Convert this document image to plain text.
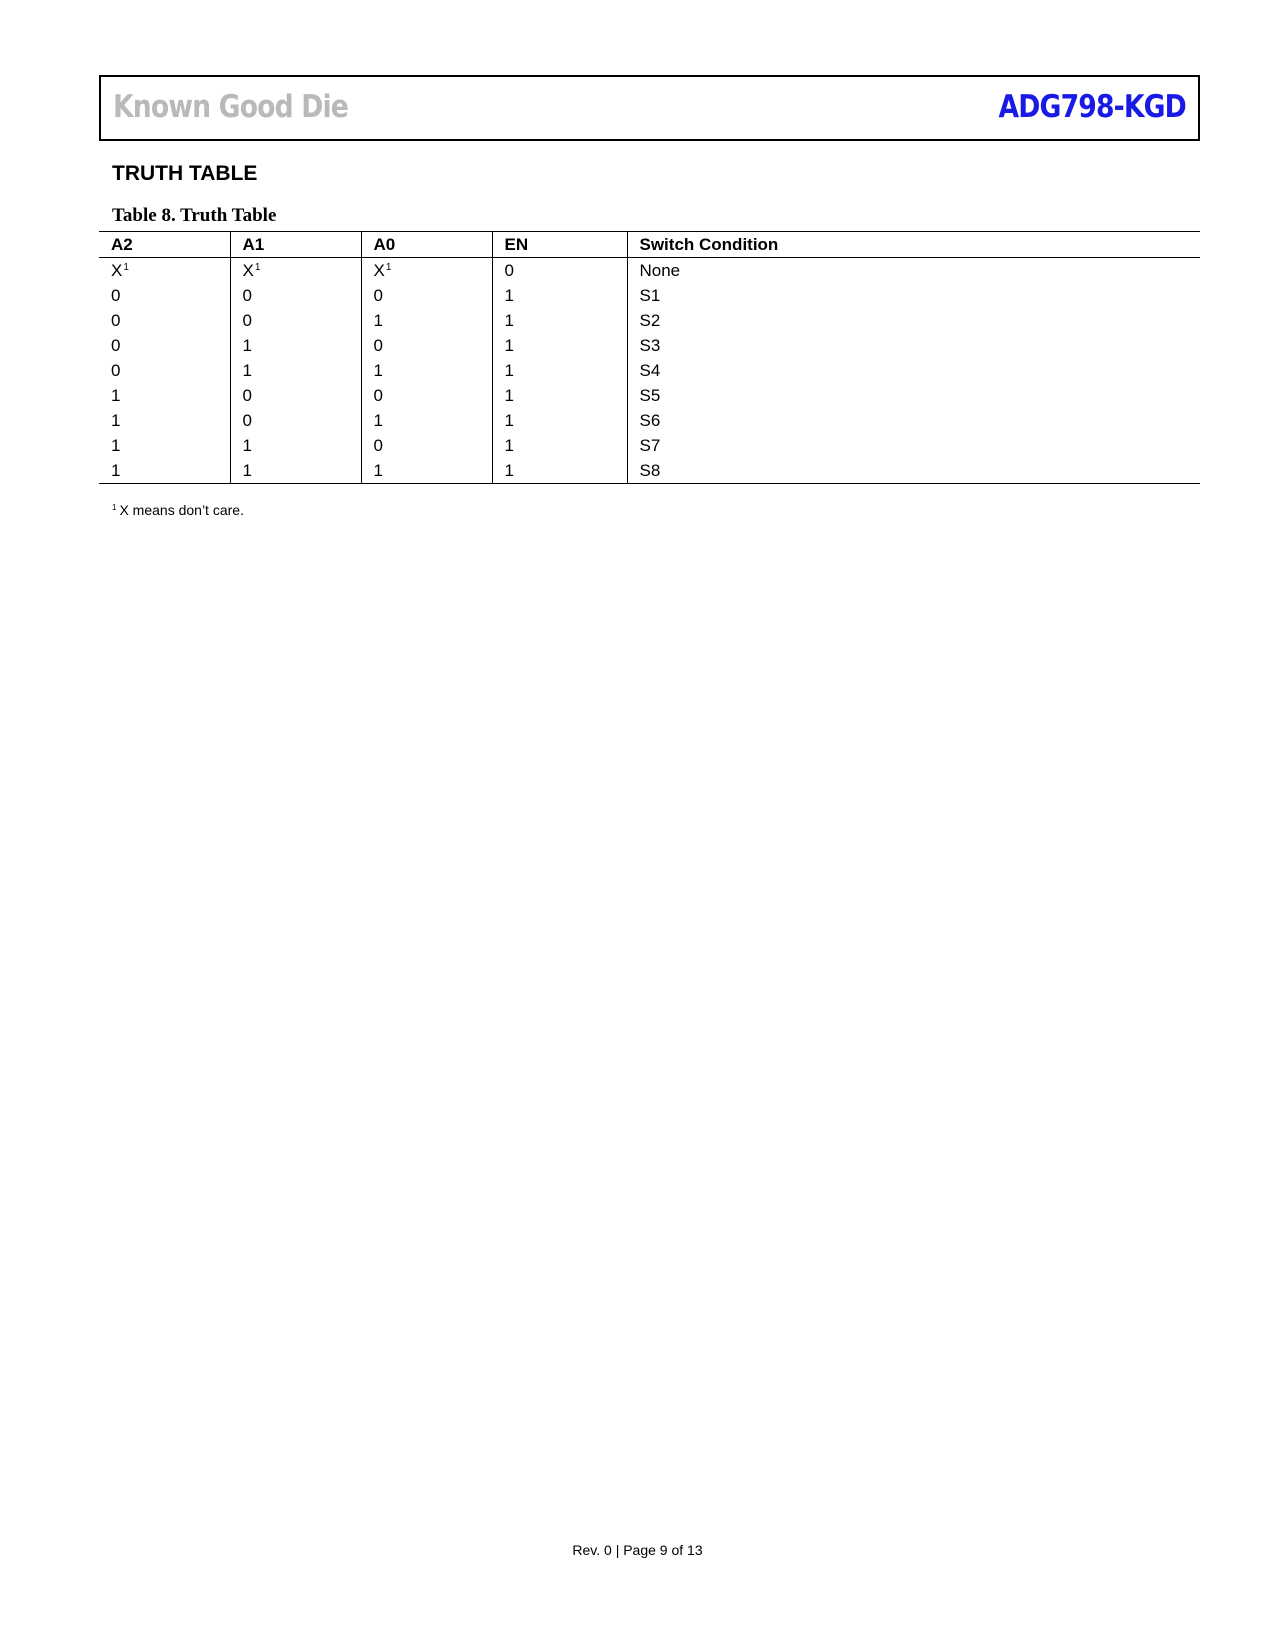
Known Good Die	ADG798-KGD
TRUTH TABLE
Table 8. Truth Table
A2	A1	A0	EN	Switch Condition
$X^1$	$X^1$	$X^1$	0	None
0	0	0	1	S1
0	0	1	1	S2
0	1	0	1	S3
0	1	1	1	S4
1	0	0	1	S5
1	0	1	1	S6
1	1	0	1	S7
1	1	1	1	S8
$^1$ X means don’t care.
Rev. 0 | Page 9 of 13
